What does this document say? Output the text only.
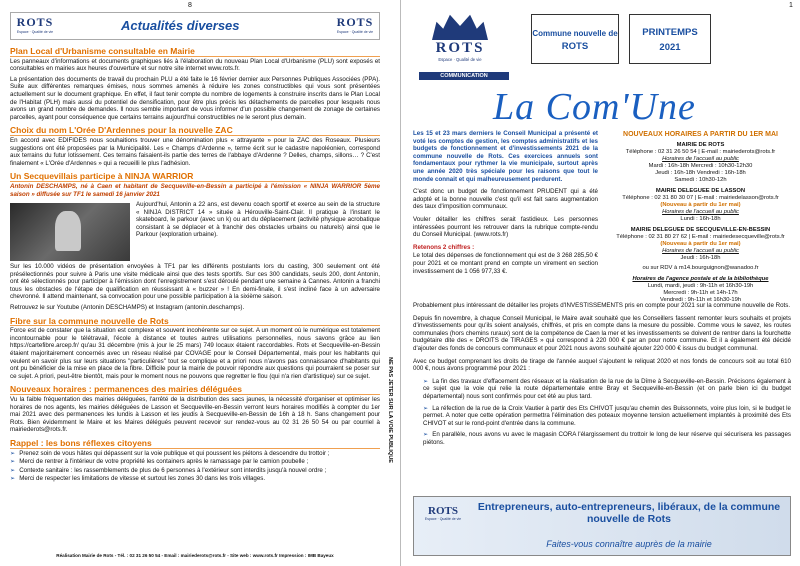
8
ROTS
Espace · Qualité de vie	Actualités diverses	ROTS
Espace · Qualité de vie
Plan Local d'Urbanisme consultable en Mairie

Les panneaux d'informations et documents graphiques liés à l'élaboration du nouveau Plan Local d'Urbanisme (PLU) sont exposés et consultables en mairies aux heures d'ouverture et sur notre site internet www.rots.fr.

La présentation des documents de travail du prochain PLU a été faite le 16 février dernier aux Personnes Publiques Associées (PPA). Suite aux différentes remarques émises, nous sommes amenés à réduire les zones constructibles qui vous sont présentées actuellement sur le document graphique. En effet, il faut tenir compte du nombre de logements à construire inscrits dans le Plan Local de l'Habitat (PLH) mais aussi du potentiel de densification, pour être plus précis les détachements de parcelles pour lesquels nous avons un grand nombre de demandes. Il nous semble important de vous informer d'un possible changement de zonage de certaines parcelles, ayant pour conséquence que certains terrains aujourd'hui constructibles ne le seront plus demain.

Choix du nom L'Orée D'Ardennes pour la nouvelle ZAC

En accord avec EDIFIDES nous souhaitions trouver une dénomination plus « attrayante » pour la ZAC des Roseaux. Plusieurs suggestions ont été proposées par la Municipalité. Les « Champs d'Ardenne », terme écrit sur le cadastre napoléonien, correspond aux terrains du futur lotissement. Ces terrains faisaient-ils partie des terres de l'abbaye d'Ardenne ? Delles, champs, sillons… ? C'est finalement « L'Orée d'Ardennes » qui a recueilli le plus l'adhésion.

Un Secquevillais participe à NINJA WARRIOR

Antonin DESCHAMPS, né à Caen et habitant de Secqueville-en-Bessin a participé à l'émission « NINJA WARRIOR 5ème saison » diffusée sur TF1 le samedi 16 janvier 2021

Aujourd'hui, Antonin a 22 ans, est devenu coach sportif et exerce au sein de la structure « NINJA DISTRICT 14 » située à Hérouville-Saint-Clair. Il pratique à l'instant le skateboard, le parkour (avec un k) ou art du déplacement (activité physique acrobatique consistant à se déplacer et à franchir des obstacles urbains ou naturels) ainsi que le Parkour (exploration urbaine).

Sur les 10.000 vidéos de présentation envoyées à TF1 par les différents postulants lors du casting, 300 seulement ont été présélectionnés pour suivre à Paris une visite médicale ainsi que des tests sportifs. Sur ces 300 candidats, seuls 200, dont Antonin, ont été sélectionnés pour participer à l'émission dont l'enregistrement s'est déroulé pendant une semaine à Cannes. Antonin a franchi tous les obstacles de l'étape de qualification en réussissant à « buzzer » ! En demi-finale, il s'est incliné face à un adversaire chevronné. Il attend maintenant, sa convocation pour une possible participation à la sixième saison.

Retrouvez le sur Youtube (Antonin DESCHAMPS) et Instagram (antonin.deschamps).

Fibre sur la commune nouvelle de Rots

Force est de constater que la situation est complexe et souvent incohérente sur ce sujet. A un moment où le numérique est totalement incontournable pour le télétravail, l'école à distance et toutes autres utilisations personnelles, nous savons grâce au lien https://cartefibre.arcep.fr/ qu'au 31 décembre (mis à jour le 25 mars) 749 locaux étaient raccordables. Rots et Secqueville-en-Bessin étaient majoritairement concernés avec un réseau réalisé par COVAGE pour le Conseil Départemental, mais pour les habitants qui veulent en savoir plus sur leurs situations "particulières" tout se complique et a priori nous n'avons pas connaissance d'habitants qui ont pu bénéficier de la mise en place de la fibre. Difficile pour la mairie de pouvoir répondre aux questions qui pourraient se poser sur ce sujet. A priori, peut-être bientôt, mais pour le moment nous ne pouvons que regretter le flou (qui n'a rien d'artistique) sur ce sujet.

Nouveaux horaires : permanences des mairies déléguées

Vu la faible fréquentation des mairies déléguées, l'arrêté de la distribution des sacs jaunes, la nécessité d'organiser et optimiser les horaires de nos agents, les mairies déléguées de Lasson et Secqueville-en-Bessin verront leurs horaires modifiés à compter du 1er mai 2021 avec des permanences les lundis à Lasson et les jeudis à Secqueville-en-Bessin de 16h à 18 h. Sans changement pour Rots. Bien évidemment le Maire et les Maires délégués peuvent recevoir sur rendez-vous au 02 31 26 50 54 ou par courriel à mairiederots@rots.fr.

Rappel : les bons réflexes citoyens
➢ Prenez soin de vous hâtes qui dépassent sur la voie publique et qui poussent les piétons à descendre du trottoir ;
➢ Merci de rentrer à l'intérieur de votre propriété les containers après le ramassage par le camion poubelle ;
➢ Contexte sanitaire : les rassemblements de plus de 6 personnes à l'extérieur sont interdits jusqu'à nouvel ordre ;
➢ Merci de respecter les limitations de vitesse et surtout les zones 30 dans les trois villages.
NE PAS JETER SUR LA VOIE PUBLIQUE
Réalisation Mairie de Rots - Tél. : 02 31 26 50 54 - Email : mairiederots@rots.fr - Site web : www.rots.fr Impression : IMB Bayeux
1
ROTS
Espace · Qualité de vie
COMMUNICATION
Commune nouvelle de
ROTS
PRINTEMPS
2021
La Com'Une

Les 15 et 23 mars derniers le Conseil Municipal a présenté et voté les comptes de gestion, les comptes administratifs et les budgets de fonctionnement et d'investissements 2021 de la commune nouvelle de Rots. Ces exercices annuels sont fondamentaux pour rythmer la vie municipale, surtout après une année 2020 très spéciale pour les raisons que tout le monde connait et qui malheureusement perdurent.

C'est donc un budget de fonctionnement PRUDENT qui a été adopté et la bonne nouvelle c'est qu'il est fait sans augmentation des taux d'imposition communaux.

Vouler détailler les chiffres serait fastidieux. Les personnes intéressées pourront les retrouver dans la rubrique compte-rendu du Conseil Municipal. (www.rots.fr)

Retenons 2 chiffres :

Le total des dépenses de fonctionnement qui est de 3 268 285,50 € pour 2021 et ce montant prend en compte un virement en section investissement de 1 056 977,33 €.

NOUVEAUX HORAIRES A PARTIR DU 1ER MAI
MAIRIE DE ROTS
Téléphone : 02 31 26 50 54 | E-mail : mairiederots@rots.fr
Horaires de l'accueil au public
Mardi : 16h-18h Mercredi : 10h30-12h30
Jeudi : 16h-18h Vendredi : 16h-18h
Samedi : 10h30-12h
MAIRIE DELEGUEE DE LASSON
Téléphone : 02 31 80 30 07 | E-mail : mairiedelasson@rots.fr
(Nouveau à partir du 1er mai)
Horaires de l'accueil au public
Lundi : 16h-18h
MAIRIE DELEGUEE DE SECQUEVILLE-EN-BESSIN
Téléphone : 02 31 80 27 62 | E-mail : mairiedesecqueville@rots.fr
(Nouveau à partir du 1er mai)
Horaires de l'accueil au public
Jeudi : 16h-18h
ou sur RDV à m14.bourguignon@wanadoo.fr
Horaires de l'agence postale et de la bibliothèque
Lundi, mardi, jeudi : 9h-11h et 16h30-19h
Mercredi : 9h-11h et 14h-17h
Vendredi : 9h-11h et 16h30-19h

Probablement plus intéressant de détailler les projets d'INVESTISSEMENTS pris en compte pour 2021 sur la commune nouvelle de Rots.

Depuis fin novembre, à chaque Conseil Municipal, le Maire avait souhaité que les Conseillers fassent remonter leurs souhaits et projets d'investissements pour qu'ils soient analysés, chiffrés, et pris en compte dans la mesure du possible. Comme vous le savez, les routes communales (hors chemins ruraux) sont de la compétence de Caen la mer et les investissements se doivent de rentrer dans la fourchette budgétaire dite des « DROITS de TIRAGES » qui correspond à 220 000 € par an pour notre commune. Et il a également été décidé d'ajouter des fonds de concours communaux et pour 2021 nous avons souhaité ajouter 220 000 € issus du budget communal.

Avec ce budget comprenant les droits de tirage de l'année auquel s'ajoutent le reliquat 2020 et nos fonds de concours soit au total 610 000 €, nous avons programmé pour 2021 :

➢ La fin des travaux d'effacement des réseaux et la réalisation de la rue de la Dîme à Secqueville-en-Bessin. Précisons également à ce sujet que la voie qui relie la route départementale entre Bray et Secqueville-en-Bessin (et on parle bien ici du budget départemental) nous sont confirmés pour cet été au plus tard.
➢ La réfection de la rue de la Croix Vautier à partir des Ets CHIVOT jusqu'au chemin des Buissonnets, voire plus loin, si le budget le permet. A noter que cette opération permettra l'élimination des poteaux moyenne tension actuellement implantés à proximité des Ets CHIVOT et sur le rond-point d'entrée dans la commune.
➢ En parallèle, nous avons vu avec le magasin CORA l'élargissement du trottoir le long de leur réserve qui sécurisera les passages piétons.
ROTS
Espace · Qualité de vie
Entrepreneurs, auto-entrepreneurs, libéraux, de la commune nouvelle de Rots
Faites-vous connaître auprès de la mairie
